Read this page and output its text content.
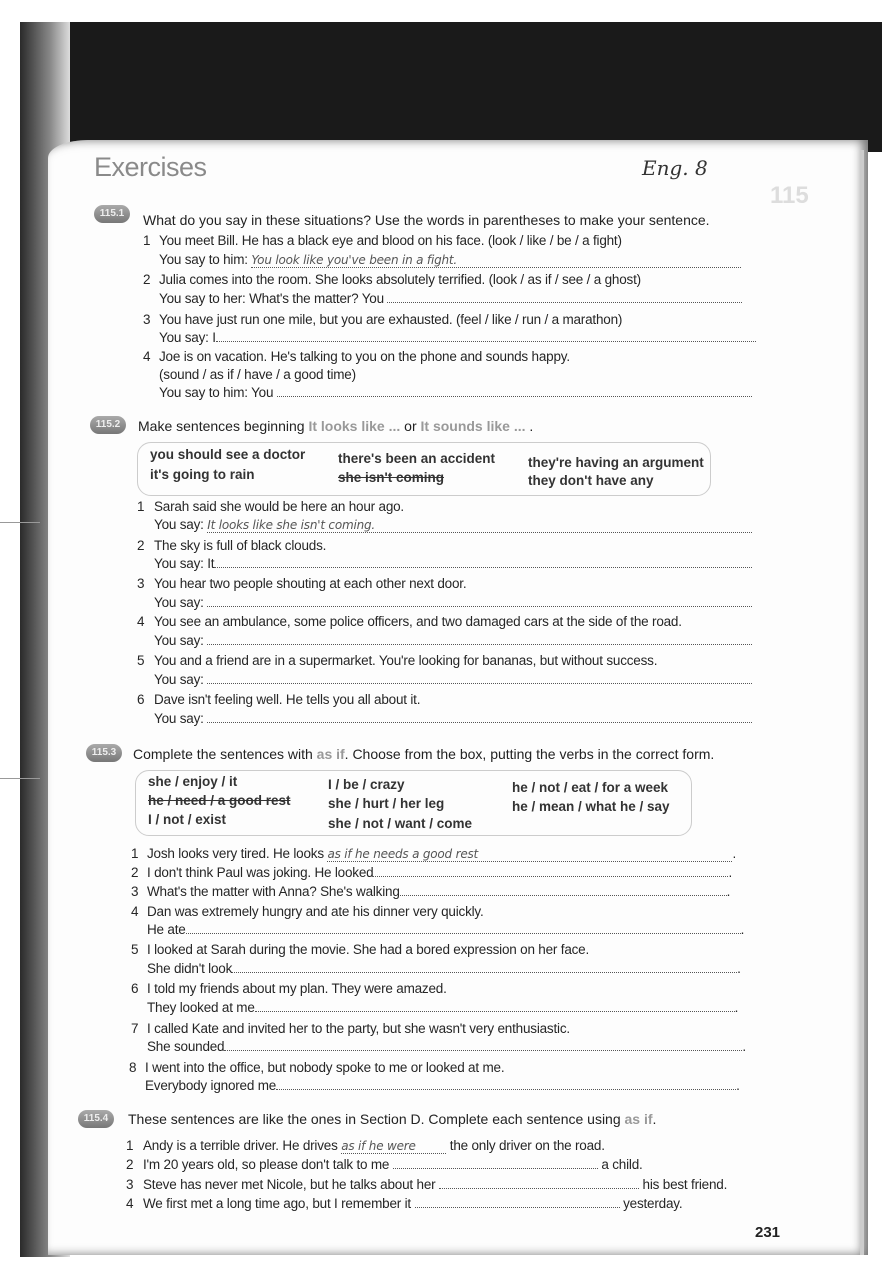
Exercises	Eng. 8
115
115.1	What do you say in these situations? Use the words in parentheses to make your sentence.
1 You meet Bill. He has a black eye and blood on his face. (look / like / be / a fight)
You say to him: You look like you've been in a fight.
2 Julia comes into the room. She looks absolutely terrified. (look / as if / see / a ghost)
You say to her: What's the matter? You
3 You have just run one mile, but you are exhausted. (feel / like / run / a marathon)
You say: I
4 Joe is on vacation. He's talking to you on the phone and sounds happy.
(sound / as if / have / a good time)
You say to him: You
115.2	Make sentences beginning It looks like ... or It sounds like ... .
you should see a doctor
it's going to rain
there's been an accident
she isn't coming
they're having an argument
they don't have any
1 Sarah said she would be here an hour ago.
You say: It looks like she isn't coming.
2 The sky is full of black clouds.
You say: It
3 You hear two people shouting at each other next door.
You say:
4 You see an ambulance, some police officers, and two damaged cars at the side of the road.
You say:
5 You and a friend are in a supermarket. You're looking for bananas, but without success.
You say:
6 Dave isn't feeling well. He tells you all about it.
You say:
115.3	Complete the sentences with as if. Choose from the box, putting the verbs in the correct form.
she / enjoy / it
he / need / a good rest
I / not / exist
I / be / crazy
she / hurt / her leg
she / not / want / come
he / not / eat / for a week
he / mean / what he / say
1 Josh looks very tired. He looks as if he needs a good rest	.
2 I don't think Paul was joking. He looked	.
3 What's the matter with Anna? She's walking	.
4 Dan was extremely hungry and ate his dinner very quickly.
He ate	.
5 I looked at Sarah during the movie. She had a bored expression on her face.
She didn't look	.
6 I told my friends about my plan. They were amazed.
They looked at me	.
7 I called Kate and invited her to the party, but she wasn't very enthusiastic.
She sounded	.
8 I went into the office, but nobody spoke to me or looked at me.
Everybody ignored me	.
115.4	These sentences are like the ones in Section D. Complete each sentence using as if.
1 Andy is a terrible driver. He drives as if he were	the only driver on the road.
2 I'm 20 years old, so please don't talk to me	a child.
3 Steve has never met Nicole, but he talks about her	his best friend.
4 We first met a long time ago, but I remember it	yesterday.
231
